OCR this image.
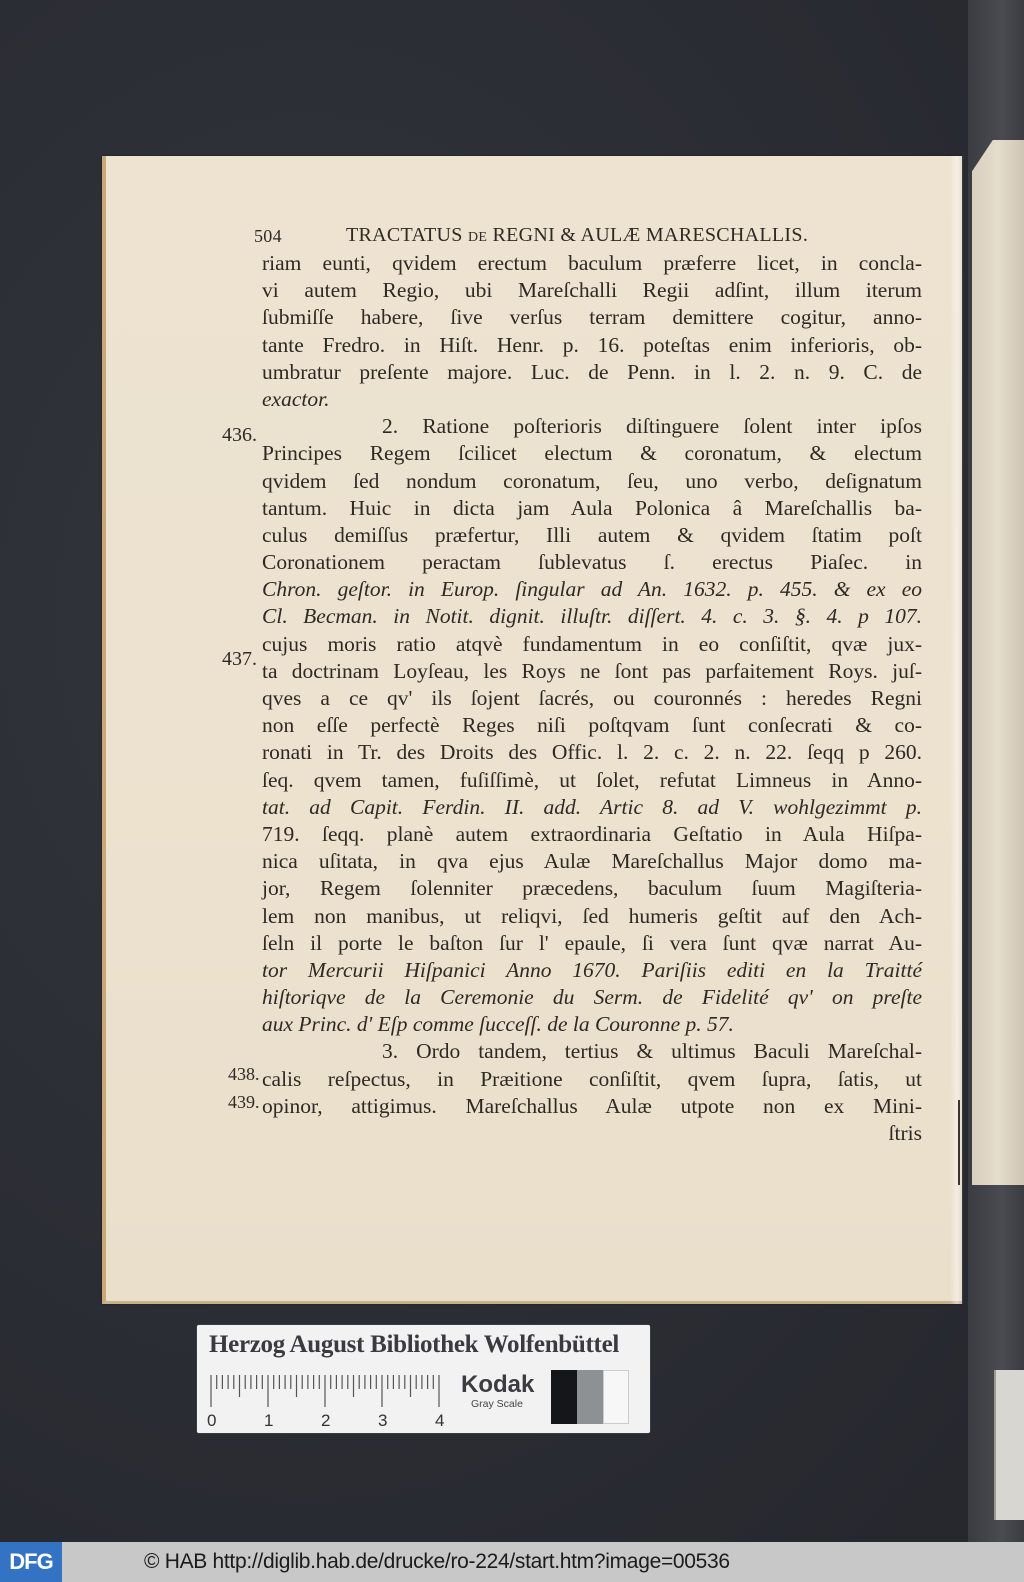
504	TRACTATUS de REGNI & AULÆ MARESCHALLIS.
436.
437.
438.
439.
riam eunti, qvidem erectum baculum præferre licet, in concla-
vi autem Regio, ubi Mareſchalli Regii adſint, illum iterum
ſubmiſſe habere, ſive verſus terram demittere cogitur, anno-
tante Fredro. in Hiſt. Henr. p. 16. poteſtas enim inferioris, ob-
umbratur preſente majore. Luc. de Penn. in l. 2. n. 9. C. de
exactor.
2. Ratione poſterioris diſtinguere ſolent inter ipſos
Principes Regem ſcilicet electum & coronatum, & electum
qvidem ſed nondum coronatum, ſeu, uno verbo, deſignatum
tantum. Huic in dicta jam Aula Polonica â Mareſchallis ba-
culus demiſſus præfertur, Illi autem & qvidem ſtatim poſt
Coronationem peractam ſublevatus ſ. erectus Piaſec. in
Chron. geſtor. in Europ. ſingular ad An. 1632. p. 455. & ex eo
Cl. Becman. in Notit. dignit. illuſtr. diſſert. 4. c. 3. §. 4. p 107.
cujus moris ratio atqvè fundamentum in eo conſiſtit, qvæ jux-
ta doctrinam Loyſeau, les Roys ne ſont pas parfaitement Roys. juſ-
qves a ce qv' ils ſojent ſacrés, ou couronnés : heredes Regni
non eſſe perfectè Reges niſi poſtqvam ſunt conſecrati & co-
ronati in Tr. des Droits des Offic. l. 2. c. 2. n. 22. ſeqq p 260.
ſeq. qvem tamen, fuſiſſimè, ut ſolet, refutat Limneus in Anno-
tat. ad Capit. Ferdin. II. add. Artic 8. ad V. wohlgezimmt p.
719. ſeqq. planè autem extraordinaria Geſtatio in Aula Hiſpa-
nica uſitata, in qva ejus Aulæ Mareſchallus Major domo ma-
jor, Regem ſolenniter præcedens, baculum ſuum Magiſteria-
lem non manibus, ut reliqvi, ſed humeris geſtit auf den Ach-
ſeln il porte le baſton ſur l' epaule, ſi vera ſunt qvæ narrat Au-
tor Mercurii Hiſpanici Anno 1670. Pariſiis editi en la Traitté
hiſtoriqve de la Ceremonie du Serm. de Fidelité qv' on preſte
aux Princ. d' Eſp comme ſucceſſ. de la Couronne p. 57.
3. Ordo tandem, tertius & ultimus Baculi Mareſchal-
calis reſpectus, in Præitione conſiſtit, qvem ſupra, ſatis, ut
opinor, attigimus. Mareſchallus Aulæ utpote non ex Mini-
ſtris
Herzog August Bibliothek Wolfenbüttel
0	1	2	3	4
Kodak
Gray Scale
DFG	© HAB http://diglib.hab.de/drucke/ro-224/start.htm?image=00536
